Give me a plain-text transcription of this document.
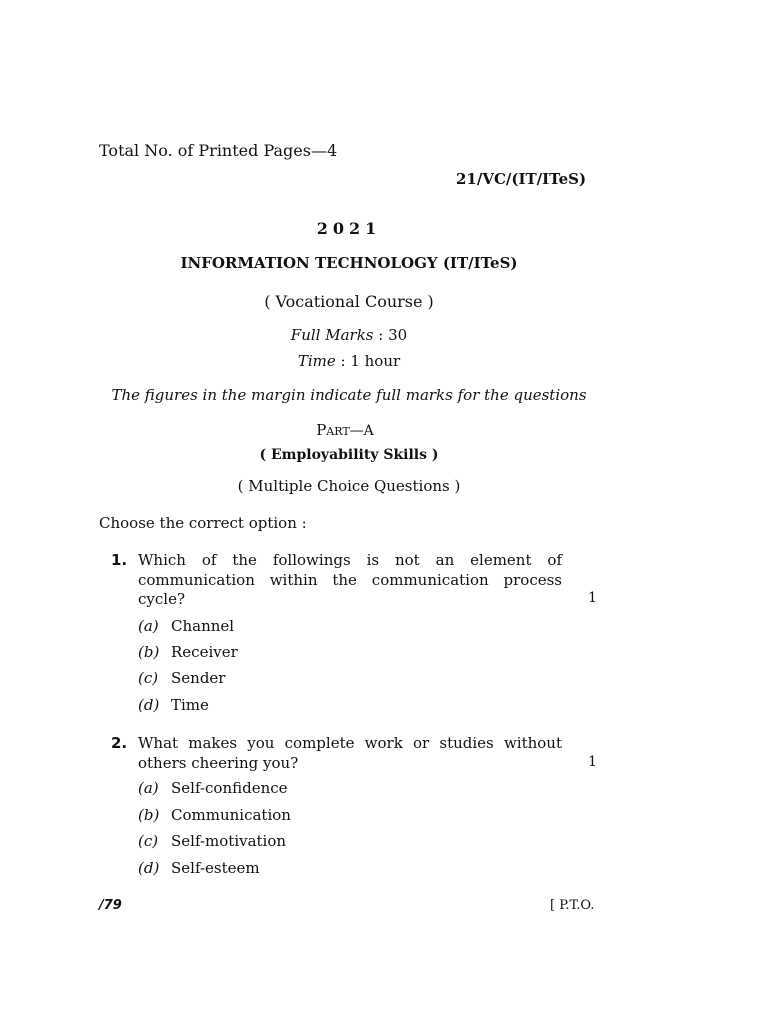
Total No. of Printed Pages—4
21/VC/(IT/ITeS)
2021
INFORMATION TECHNOLOGY (IT/ITeS)
( Vocational Course )
Full Marks : 30
Time : 1 hour
The figures in the margin indicate full marks for the questions
Part—A
( Employability Skills )
( Multiple Choice Questions )
Choose the correct option :
1. Which of the followings is not an element of communication within the communication process
cycle?	1
(a) Channel
(b) Receiver
(c) Sender
(d) Time
2. What makes you complete work or studies without
others cheering you?	1
(a) Self-confidence
(b) Communication
(c) Self-motivation
(d) Self-esteem
/79	[ P.T.O.
